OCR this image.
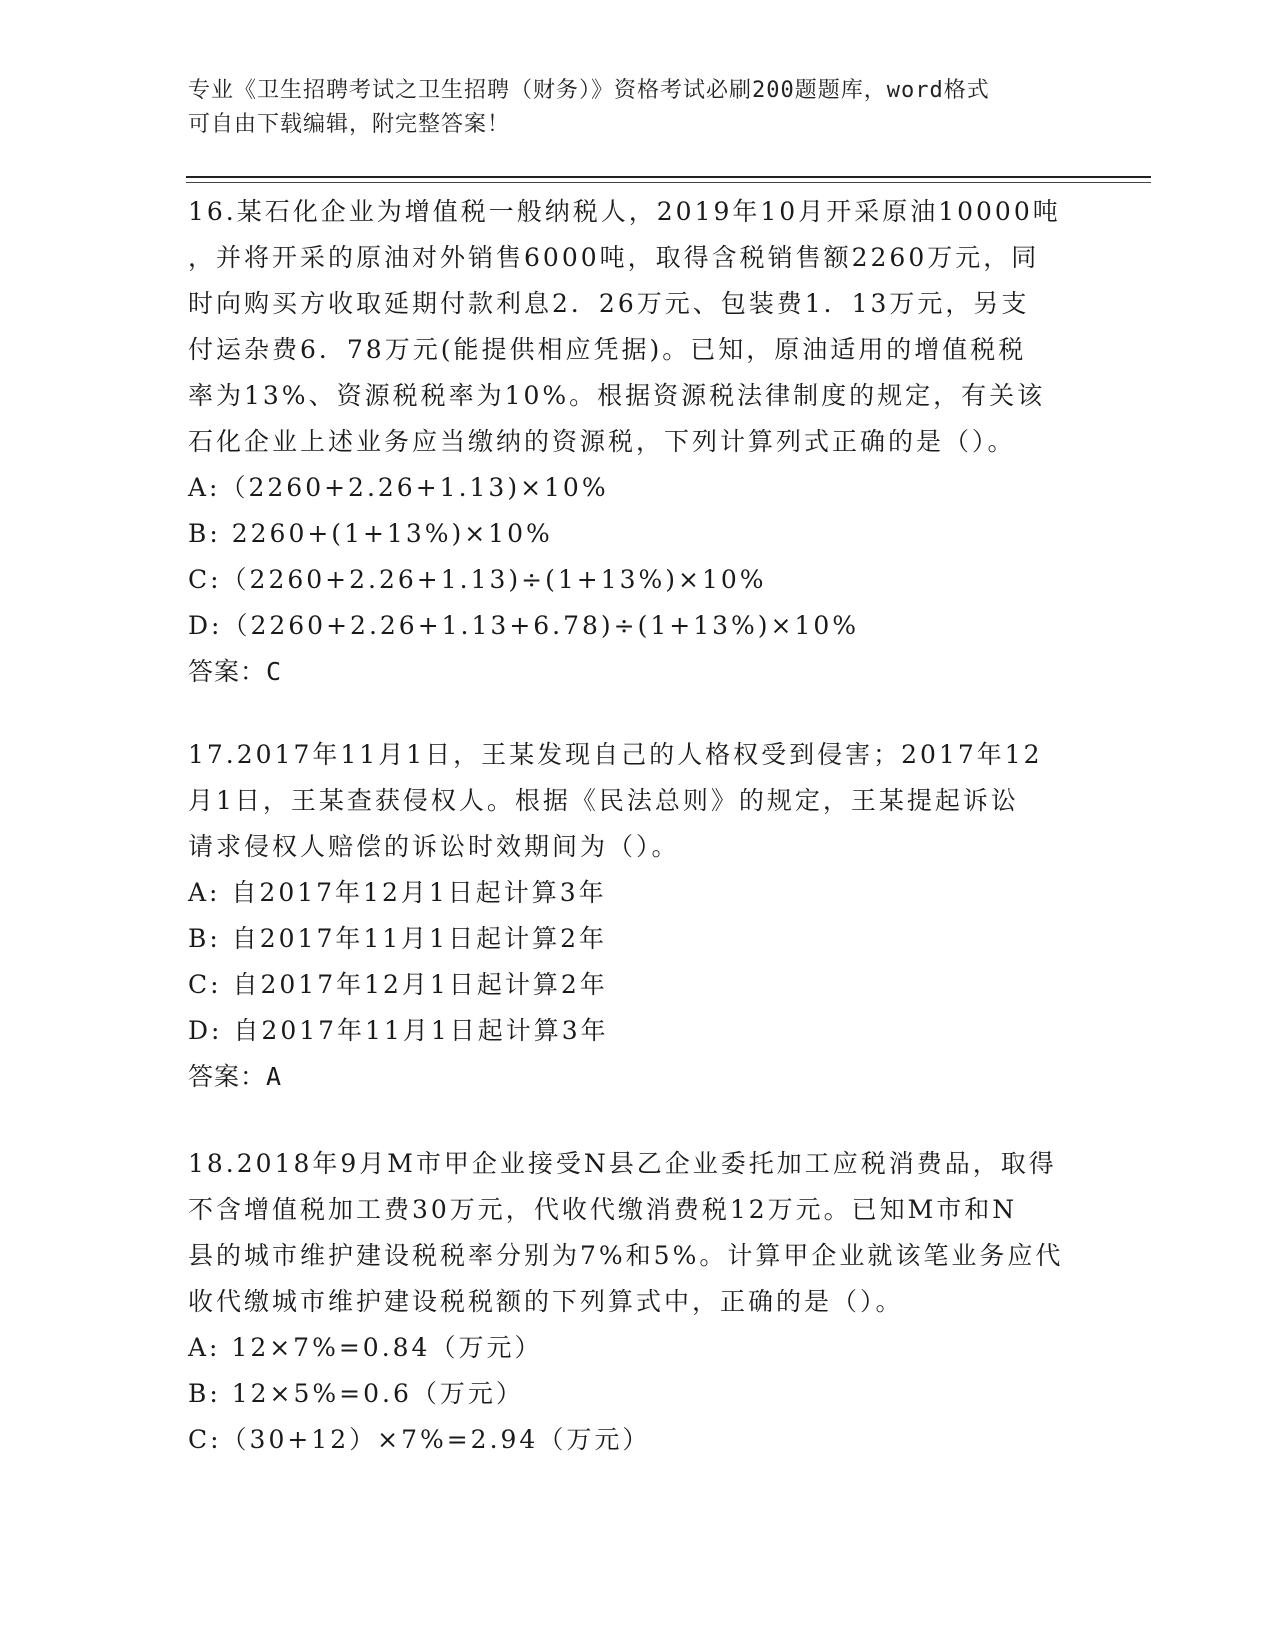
专业《卫生招聘考试之卫生招聘（财务）》资格考试必刷200题题库，word格式
可自由下载编辑，附完整答案！
16.某石化企业为增值税一般纳税人，2019年10月开采原油10000吨
，并将开采的原油对外销售6000吨，取得含税销售额2260万元，同
时向购买方收取延期付款利息2．26万元、包装费1．13万元，另支
付运杂费6．78万元(能提供相应凭据)。已知，原油适用的增值税税
率为13%、资源税税率为10%。根据资源税法律制度的规定，有关该
石化企业上述业务应当缴纳的资源税，下列计算列式正确的是（）。
A:（2260+2.26+1.13)×10%
B: 2260+(1+13%)×10%
C:（2260+2.26+1.13)÷(1+13%)×10%
D:（2260+2.26+1.13+6.78)÷(1+13%)×10%
答案：C
17.2017年11月1日，王某发现自己的人格权受到侵害；2017年12
月1日，王某查获侵权人。根据《民法总则》的规定，王某提起诉讼
请求侵权人赔偿的诉讼时效期间为（）。
A: 自2017年12月1日起计算3年
B: 自2017年11月1日起计算2年
C: 自2017年12月1日起计算2年
D: 自2017年11月1日起计算3年
答案：A
18.2018年9月M市甲企业接受N县乙企业委托加工应税消费品，取得
不含增值税加工费30万元，代收代缴消费税12万元。已知M市和N
县的城市维护建设税税率分别为7%和5%。计算甲企业就该笔业务应代
收代缴城市维护建设税税额的下列算式中，正确的是（）。
A: 12×7%=0.84（万元）
B: 12×5%=0.6（万元）
C:（30+12）×7%=2.94（万元）
